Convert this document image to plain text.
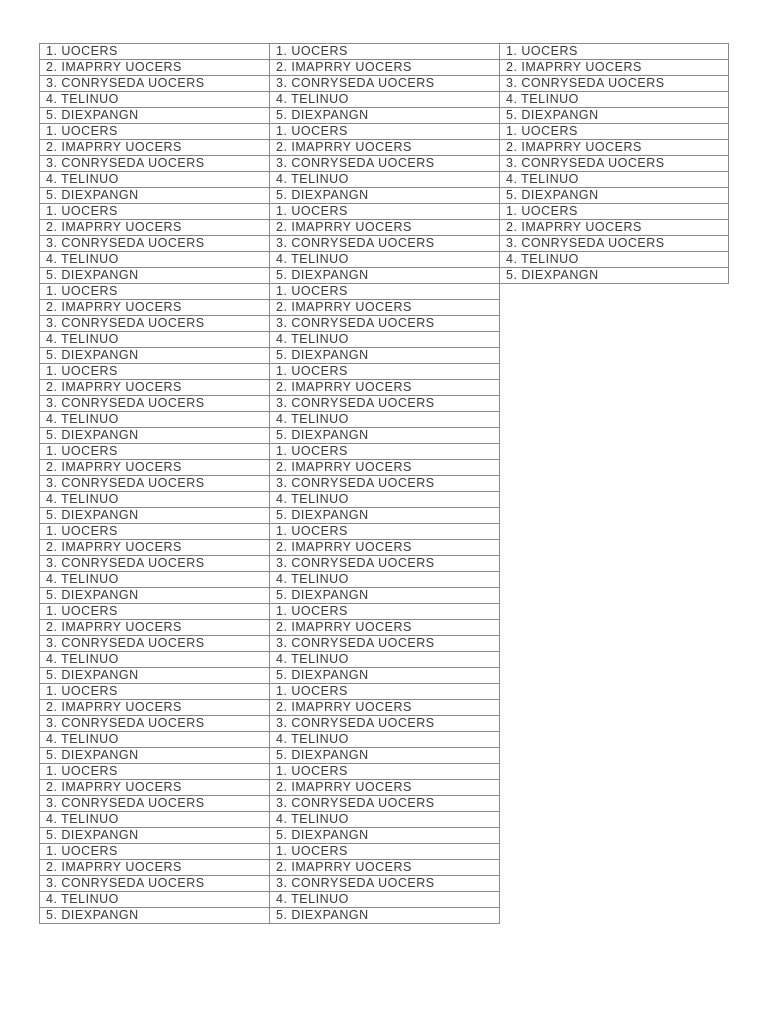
1. UOCERS
2. IMAPRRY UOCERS
3. CONRYSEDA UOCERS
4. TELINUO
5. DIEXPANGN
1. UOCERS
2. IMAPRRY UOCERS
3. CONRYSEDA UOCERS
4. TELINUO
5. DIEXPANGN
1. UOCERS
2. IMAPRRY UOCERS
3. CONRYSEDA UOCERS
4. TELINUO
5. DIEXPANGN
1. UOCERS
2. IMAPRRY UOCERS
3. CONRYSEDA UOCERS
4. TELINUO
5. DIEXPANGN
1. UOCERS
2. IMAPRRY UOCERS
3. CONRYSEDA UOCERS
4. TELINUO
5. DIEXPANGN
1. UOCERS
2. IMAPRRY UOCERS
3. CONRYSEDA UOCERS
4. TELINUO
5. DIEXPANGN
1. UOCERS
2. IMAPRRY UOCERS
3. CONRYSEDA UOCERS
4. TELINUO
5. DIEXPANGN
1. UOCERS
2. IMAPRRY UOCERS
3. CONRYSEDA UOCERS
4. TELINUO
5. DIEXPANGN
1. UOCERS
2. IMAPRRY UOCERS
3. CONRYSEDA UOCERS
4. TELINUO
5. DIEXPANGN
1. UOCERS
2. IMAPRRY UOCERS
3. CONRYSEDA UOCERS
4. TELINUO
5. DIEXPANGN
1. UOCERS
2. IMAPRRY UOCERS
3. CONRYSEDA UOCERS
4. TELINUO
5. DIEXPANGN
1. UOCERS
2. IMAPRRY UOCERS
3. CONRYSEDA UOCERS
4. TELINUO
5. DIEXPANGN
1. UOCERS
2. IMAPRRY UOCERS
3. CONRYSEDA UOCERS
4. TELINUO
5. DIEXPANGN
1. UOCERS
2. IMAPRRY UOCERS
3. CONRYSEDA UOCERS
4. TELINUO
5. DIEXPANGN
1. UOCERS
2. IMAPRRY UOCERS
3. CONRYSEDA UOCERS
4. TELINUO
5. DIEXPANGN
1. UOCERS
2. IMAPRRY UOCERS
3. CONRYSEDA UOCERS
4. TELINUO
5. DIEXPANGN
1. UOCERS
2. IMAPRRY UOCERS
3. CONRYSEDA UOCERS
4. TELINUO
5. DIEXPANGN
1. UOCERS
2. IMAPRRY UOCERS
3. CONRYSEDA UOCERS
4. TELINUO
5. DIEXPANGN
1. UOCERS
2. IMAPRRY UOCERS
3. CONRYSEDA UOCERS
4. TELINUO
5. DIEXPANGN
1. UOCERS
2. IMAPRRY UOCERS
3. CONRYSEDA UOCERS
4. TELINUO
5. DIEXPANGN
1. UOCERS
2. IMAPRRY UOCERS
3. CONRYSEDA UOCERS
4. TELINUO
5. DIEXPANGN
1. UOCERS
2. IMAPRRY UOCERS
3. CONRYSEDA UOCERS
4. TELINUO
5. DIEXPANGN
1. UOCERS
2. IMAPRRY UOCERS
3. CONRYSEDA UOCERS
4. TELINUO
5. DIEXPANGN
1. UOCERS
2. IMAPRRY UOCERS
3. CONRYSEDA UOCERS
4. TELINUO
5. DIEXPANGN
1. UOCERS
2. IMAPRRY UOCERS
3. CONRYSEDA UOCERS
4. TELINUO
5. DIEXPANGN
